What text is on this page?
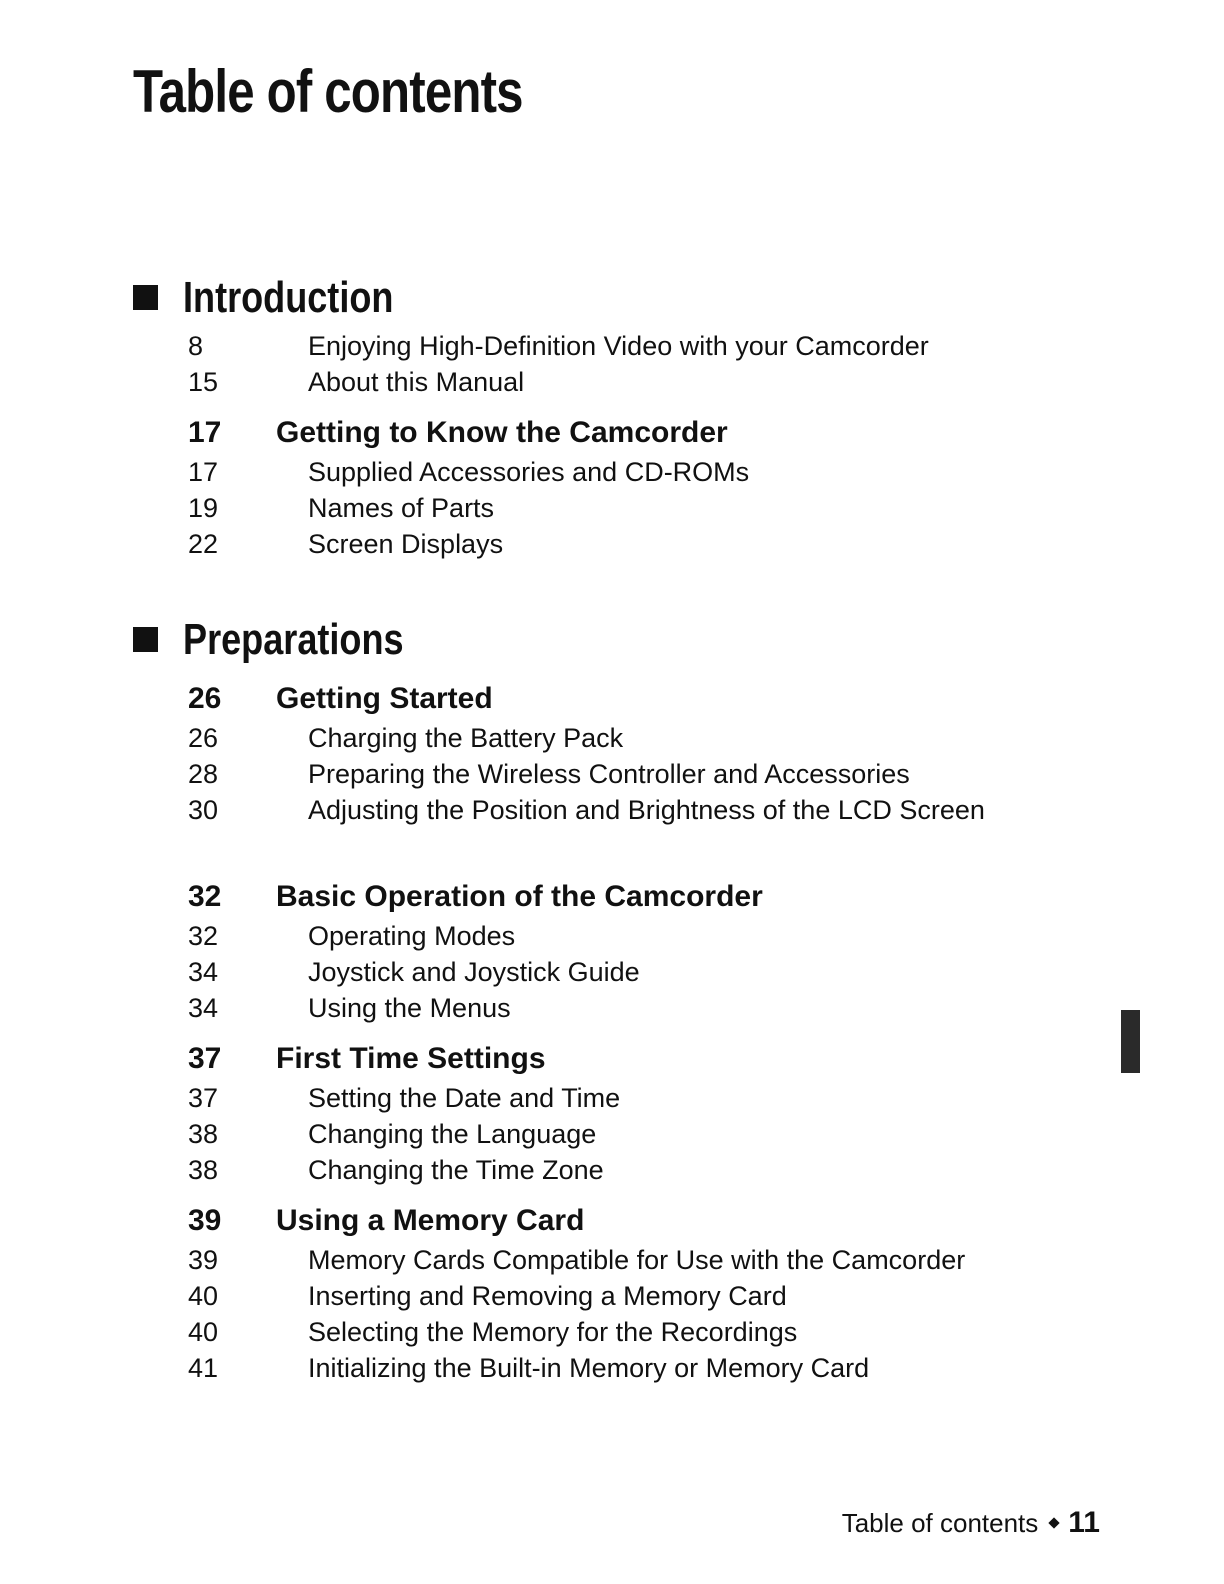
Table of contents
Introduction
8	Enjoying High-Definition Video with your Camcorder
15	About this Manual
17 Getting to Know the Camcorder
17	Supplied Accessories and CD-ROMs
19	Names of Parts
22	Screen Displays
Preparations
26 Getting Started
26	Charging the Battery Pack
28	Preparing the Wireless Controller and Accessories
30	Adjusting the Position and Brightness of the LCD Screen
32 Basic Operation of the Camcorder
32	Operating Modes
34	Joystick and Joystick Guide
34	Using the Menus
37 First Time Settings
37	Setting the Date and Time
38	Changing the Language
38	Changing the Time Zone
39 Using a Memory Card
39	Memory Cards Compatible for Use with the Camcorder
40	Inserting and Removing a Memory Card
40	Selecting the Memory for the Recordings
41	Initializing the Built-in Memory or Memory Card
Table of contents 11
